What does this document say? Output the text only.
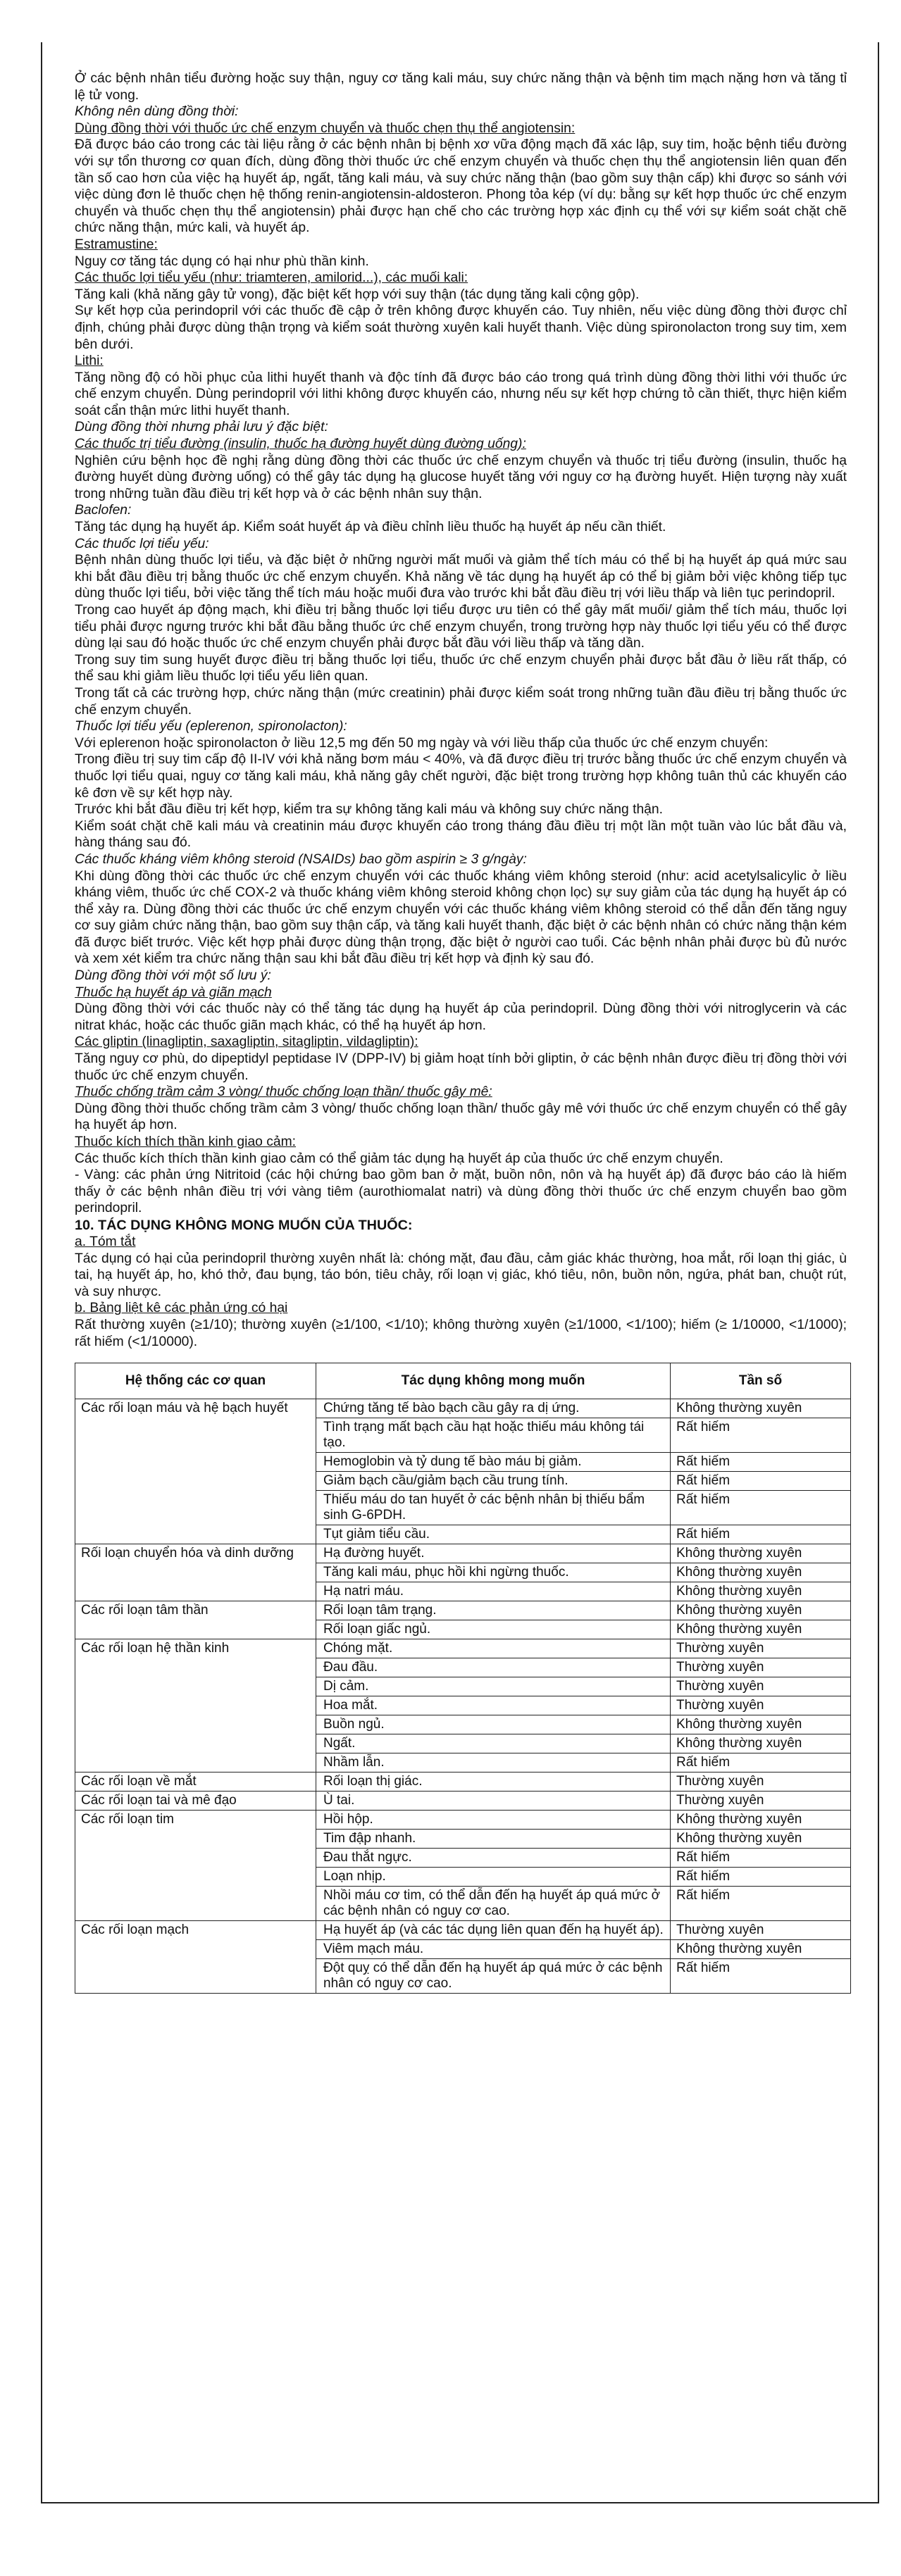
Ở các bệnh nhân tiểu đường hoặc suy thận, nguy cơ tăng kali máu, suy chức năng thận và bệnh tim mạch nặng hơn và tăng tỉ lệ tử vong.

Không nên dùng đồng thời:

Dùng đồng thời với thuốc ức chế enzym chuyển và thuốc chẹn thụ thể angiotensin:

Đã được báo cáo trong các tài liệu rằng ở các bệnh nhân bị bệnh xơ vữa động mạch đã xác lập, suy tim, hoặc bệnh tiểu đường với sự tổn thương cơ quan đích, dùng đồng thời thuốc ức chế enzym chuyển và thuốc chẹn thụ thể angiotensin liên quan đến tần số cao hơn của việc hạ huyết áp, ngất, tăng kali máu, và suy chức năng thận (bao gồm suy thận cấp) khi được so sánh với việc dùng đơn lẻ thuốc chẹn hệ thống renin-angiotensin-aldosteron. Phong tỏa kép (ví dụ: bằng sự kết hợp thuốc ức chế enzym chuyển và thuốc chẹn thụ thể angiotensin) phải được hạn chế cho các trường hợp xác định cụ thể với sự kiểm soát chặt chẽ chức năng thận, mức kali, và huyết áp.

Estramustine:

Nguy cơ tăng tác dụng có hại như phù thần kinh.

Các thuốc lợi tiểu yếu (như: triamteren, amilorid...), các muối kali:

Tăng kali (khả năng gây tử vong), đặc biệt kết hợp với suy thận (tác dụng tăng kali cộng gộp).

Sự kết hợp của perindopril với các thuốc đề cập ở trên không được khuyến cáo. Tuy nhiên, nếu việc dùng đồng thời được chỉ định, chúng phải được dùng thận trọng và kiểm soát thường xuyên kali huyết thanh. Việc dùng spironolacton trong suy tim, xem bên dưới.

Lithi:

Tăng nồng độ có hồi phục của lithi huyết thanh và độc tính đã được báo cáo trong quá trình dùng đồng thời lithi với thuốc ức chế enzym chuyển. Dùng perindopril với lithi không được khuyến cáo, nhưng nếu sự kết hợp chứng tỏ cần thiết, thực hiện kiểm soát cẩn thận mức lithi huyết thanh.

Dùng đồng thời nhưng phải lưu ý đặc biệt:

Các thuốc trị tiểu đường (insulin, thuốc hạ đường huyết dùng đường uống):

Nghiên cứu bệnh học đề nghị rằng dùng đồng thời các thuốc ức chế enzym chuyển và thuốc trị tiểu đường (insulin, thuốc hạ đường huyết dùng đường uống) có thể gây tác dụng hạ glucose huyết tăng với nguy cơ hạ đường huyết. Hiện tượng này xuất trong những tuần đầu điều trị kết hợp và ở các bệnh nhân suy thận.

Baclofen:

Tăng tác dụng hạ huyết áp. Kiểm soát huyết áp và điều chỉnh liều thuốc hạ huyết áp nếu cần thiết.

Các thuốc lợi tiểu yếu:

Bệnh nhân dùng thuốc lợi tiểu, và đặc biệt ở những người mất muối và giảm thể tích máu có thể bị hạ huyết áp quá mức sau khi bắt đầu điều trị bằng thuốc ức chế enzym chuyển. Khả năng về tác dụng hạ huyết áp có thể bị giảm bởi việc không tiếp tục dùng thuốc lợi tiểu, bởi việc tăng thể tích máu hoặc muối đưa vào trước khi bắt đầu điều trị với liều thấp và liên tục perindopril.

Trong cao huyết áp động mạch, khi điều trị bằng thuốc lợi tiểu được ưu tiên có thể gây mất muối/ giảm thể tích máu, thuốc lợi tiểu phải được ngưng trước khi bắt đầu bằng thuốc ức chế enzym chuyển, trong trường hợp này thuốc lợi tiểu yếu có thể được dùng lại sau đó hoặc thuốc ức chế enzym chuyển phải được bắt đầu với liều thấp và tăng dần.

Trong suy tim sung huyết được điều trị bằng thuốc lợi tiểu, thuốc ức chế enzym chuyển phải được bắt đầu ở liều rất thấp, có thể sau khi giảm liều thuốc lợi tiểu yếu liên quan.

Trong tất cả các trường hợp, chức năng thận (mức creatinin) phải được kiểm soát trong những tuần đầu điều trị bằng thuốc ức chế enzym chuyển.

Thuốc lợi tiểu yếu (eplerenon, spironolacton):

Với eplerenon hoặc spironolacton ở liều 12,5 mg đến 50 mg ngày và với liều thấp của thuốc ức chế enzym chuyển:

Trong điều trị suy tim cấp độ II-IV với khả năng bơm máu < 40%, và đã được điều trị trước bằng thuốc ức chế enzym chuyển và thuốc lợi tiểu quai, nguy cơ tăng kali máu, khả năng gây chết người, đặc biệt trong trường hợp không tuân thủ các khuyến cáo kê đơn về sự kết hợp này.

Trước khi bắt đầu điều trị kết hợp, kiểm tra sự không tăng kali máu và không suy chức năng thận.

Kiểm soát chặt chẽ kali máu và creatinin máu được khuyến cáo trong tháng đầu điều trị một lần một tuần vào lúc bắt đầu và, hàng tháng sau đó.

Các thuốc kháng viêm không steroid (NSAIDs) bao gồm aspirin ≥ 3 g/ngày:

Khi dùng đồng thời các thuốc ức chế enzym chuyển với các thuốc kháng viêm không steroid (như: acid acetylsalicylic ở liều kháng viêm, thuốc ức chế COX-2 và thuốc kháng viêm không steroid không chọn lọc) sự suy giảm của tác dụng hạ huyết áp có thể xảy ra. Dùng đồng thời các thuốc ức chế enzym chuyển với các thuốc kháng viêm không steroid có thể dẫn đến tăng nguy cơ suy giảm chức năng thận, bao gồm suy thận cấp, và tăng kali huyết thanh, đặc biệt ở các bệnh nhân có chức năng thận kém đã được biết trước. Việc kết hợp phải được dùng thận trọng, đặc biệt ở người cao tuổi. Các bệnh nhân phải được bù đủ nước và xem xét kiểm tra chức năng thận sau khi bắt đầu điều trị kết hợp và định kỳ sau đó.

Dùng đồng thời với một số lưu ý:

Thuốc hạ huyết áp và giãn mạch

Dùng đồng thời với các thuốc này có thể tăng tác dụng hạ huyết áp của perindopril. Dùng đồng thời với nitroglycerin và các nitrat khác, hoặc các thuốc giãn mạch khác, có thể hạ huyết áp hơn.

Các gliptin (linagliptin, saxagliptin, sitagliptin, vildagliptin):

Tăng nguy cơ phù, do dipeptidyl peptidase IV (DPP-IV) bị giảm hoạt tính bởi gliptin, ở các bệnh nhân được điều trị đồng thời với thuốc ức chế enzym chuyển.

Thuốc chống trầm cảm 3 vòng/ thuốc chống loạn thần/ thuốc gây mê:

Dùng đồng thời thuốc chống trầm cảm 3 vòng/ thuốc chống loạn thần/ thuốc gây mê với thuốc ức chế enzym chuyển có thể gây hạ huyết áp hơn.

Thuốc kích thích thần kinh giao cảm:

Các thuốc kích thích thần kinh giao cảm có thể giảm tác dụng hạ huyết áp của thuốc ức chế enzym chuyển.

- Vàng: các phản ứng Nitritoid (các hội chứng bao gồm ban ở mặt, buồn nôn, nôn và hạ huyết áp) đã được báo cáo là hiếm thấy ở các bệnh nhân điều trị với vàng tiêm (aurothiomalat natri) và dùng đồng thời thuốc ức chế enzym chuyển bao gồm perindopril.

10. TÁC DỤNG KHÔNG MONG MUỐN CỦA THUỐC:

a. Tóm tắt

Tác dụng có hại của perindopril thường xuyên nhất là: chóng mặt, đau đầu, cảm giác khác thường, hoa mắt, rối loạn thị giác, ù tai, hạ huyết áp, ho, khó thở, đau bụng, táo bón, tiêu chảy, rối loạn vị giác, khó tiêu, nôn, buồn nôn, ngứa, phát ban, chuột rút, và suy nhược.

b. Bảng liệt kê các phản ứng có hại

Rất thường xuyên (≥1/10); thường xuyên (≥1/100, <1/10); không thường xuyên (≥1/1000, <1/100); hiếm (≥ 1/10000, <1/1000); rất hiếm (<1/10000).

Hệ thống các cơ quan	Tác dụng không mong muốn	Tần số
Các rối loạn máu và hệ bạch huyết	Chứng tăng tế bào bạch cầu gây ra dị ứng.	Không thường xuyên
	Tình trạng mất bạch cầu hạt hoặc thiếu máu không tái tạo.	Rất hiếm
	Hemoglobin và tỷ dung tế bào máu bị giảm.	Rất hiếm
	Giảm bạch cầu/giảm bạch cầu trung tính.	Rất hiếm
	Thiếu máu do tan huyết ở các bệnh nhân bị thiếu bẩm sinh G-6PDH.	Rất hiếm
	Tụt giảm tiểu cầu.	Rất hiếm
Rối loạn chuyển hóa và dinh dưỡng	Hạ đường huyết.	Không thường xuyên
	Tăng kali máu, phục hồi khi ngừng thuốc.	Không thường xuyên
	Hạ natri máu.	Không thường xuyên
Các rối loạn tâm thần	Rối loạn tâm trạng.	Không thường xuyên
	Rối loạn giấc ngủ.	Không thường xuyên
Các rối loạn hệ thần kinh	Chóng mặt.	Thường xuyên
	Đau đầu.	Thường xuyên
	Dị cảm.	Thường xuyên
	Hoa mắt.	Thường xuyên
	Buồn ngủ.	Không thường xuyên
	Ngất.	Không thường xuyên
	Nhầm lẫn.	Rất hiếm
Các rối loạn về mắt	Rối loạn thị giác.	Thường xuyên
Các rối loạn tai và mê đạo	Ù tai.	Thường xuyên
Các rối loạn tim	Hồi hộp.	Không thường xuyên
	Tim đập nhanh.	Không thường xuyên
	Đau thắt ngực.	Rất hiếm
	Loạn nhịp.	Rất hiếm
	Nhồi máu cơ tim, có thể dẫn đến hạ huyết áp quá mức ở các bệnh nhân có nguy cơ cao.	Rất hiếm
Các rối loạn mạch	Hạ huyết áp (và các tác dụng liên quan đến hạ huyết áp).	Thường xuyên
	Viêm mạch máu.	Không thường xuyên
	Đột quỵ có thể dẫn đến hạ huyết áp quá mức ở các bệnh nhân có nguy cơ cao.	Rất hiếm
